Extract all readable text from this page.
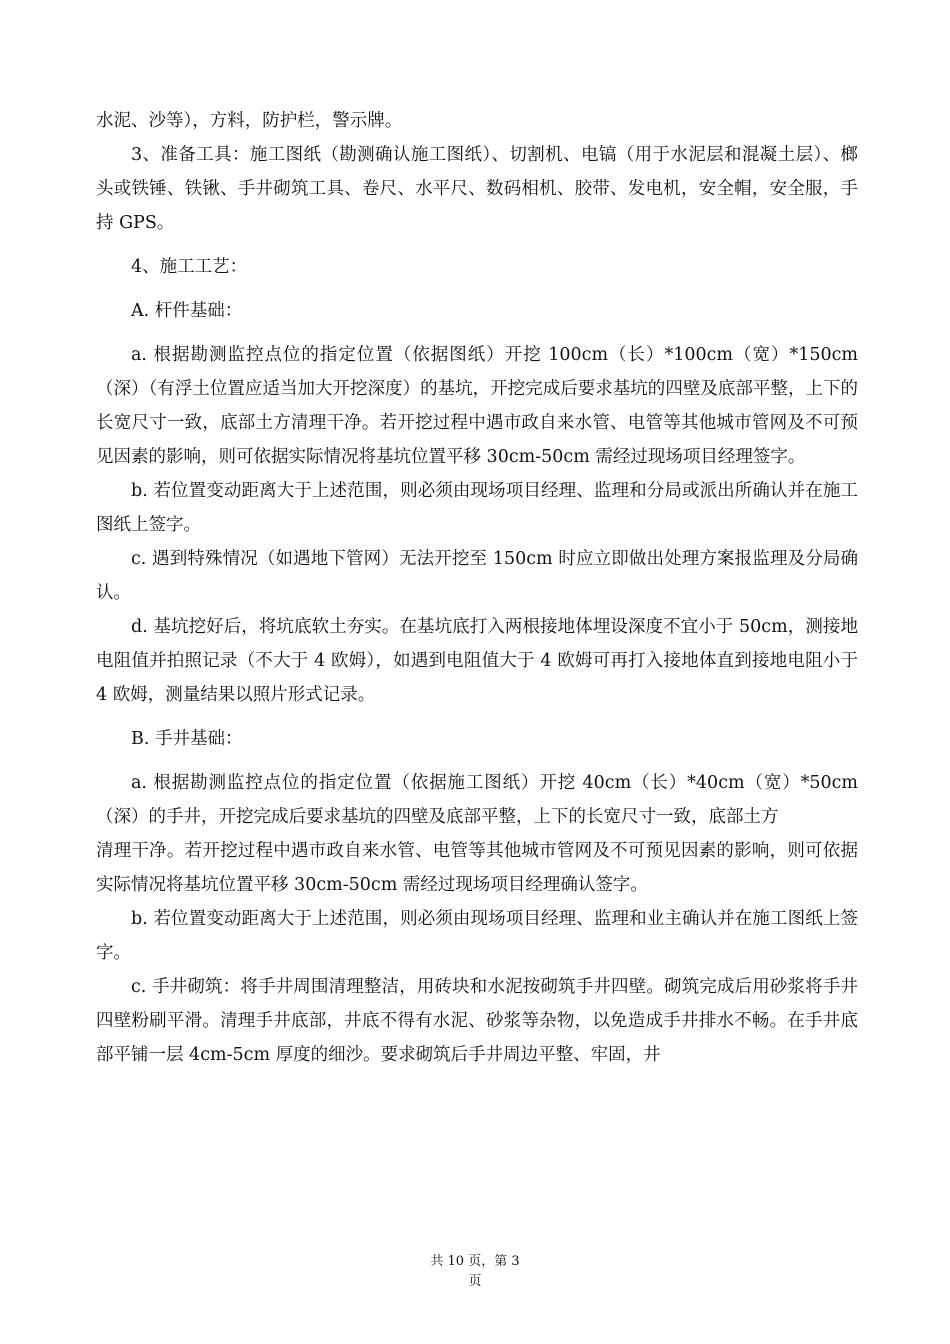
水泥、沙等），方料，防护栏，警示牌。

3、准备工具：施工图纸（勘测确认施工图纸）、切割机、电镐（用于水泥层和混凝土层）、榔头或铁锤、铁锹、手井砌筑工具、卷尺、水平尺、数码相机、胶带、发电机，安全帽，安全服，手持 GPS。

4、施工工艺：

A. 杆件基础：

a. 根据勘测监控点位的指定位置（依据图纸）开挖 100cm（长）*100cm（宽）*150cm（深）（有浮土位置应适当加大开挖深度）的基坑，开挖完成后要求基坑的四壁及底部平整，上下的长宽尺寸一致，底部土方清理干净。若开挖过程中遇市政自来水管、电管等其他城市管网及不可预见因素的影响，则可依据实际情况将基坑位置平移 30cm-50cm 需经过现场项目经理签字。

b. 若位置变动距离大于上述范围，则必须由现场项目经理、监理和分局或派出所确认并在施工图纸上签字。

c. 遇到特殊情况（如遇地下管网）无法开挖至 150cm 时应立即做出处理方案报监理及分局确认。

d. 基坑挖好后，将坑底软土夯实。在基坑底打入两根接地体埋设深度不宜小于 50cm，测接地电阻值并拍照记录（不大于 4 欧姆），如遇到电阻值大于 4 欧姆可再打入接地体直到接地电阻小于 4 欧姆，测量结果以照片形式记录。

B. 手井基础：

a. 根据勘测监控点位的指定位置（依据施工图纸）开挖 40cm（长）*40cm（宽）*50cm（深）的手井，开挖完成后要求基坑的四壁及底部平整，上下的长宽尺寸一致，底部土方

清理干净。若开挖过程中遇市政自来水管、电管等其他城市管网及不可预见因素的影响，则可依据实际情况将基坑位置平移 30cm-50cm 需经过现场项目经理确认签字。

b. 若位置变动距离大于上述范围，则必须由现场项目经理、监理和业主确认并在施工图纸上签字。

c. 手井砌筑：将手井周围清理整洁，用砖块和水泥按砌筑手井四壁。砌筑完成后用砂浆将手井四壁粉刷平滑。清理手井底部，井底不得有水泥、砂浆等杂物，以免造成手井排水不畅。在手井底部平铺一层 4cm-5cm 厚度的细沙。要求砌筑后手井周边平整、牢固，井

共 10 页，第 3
页
